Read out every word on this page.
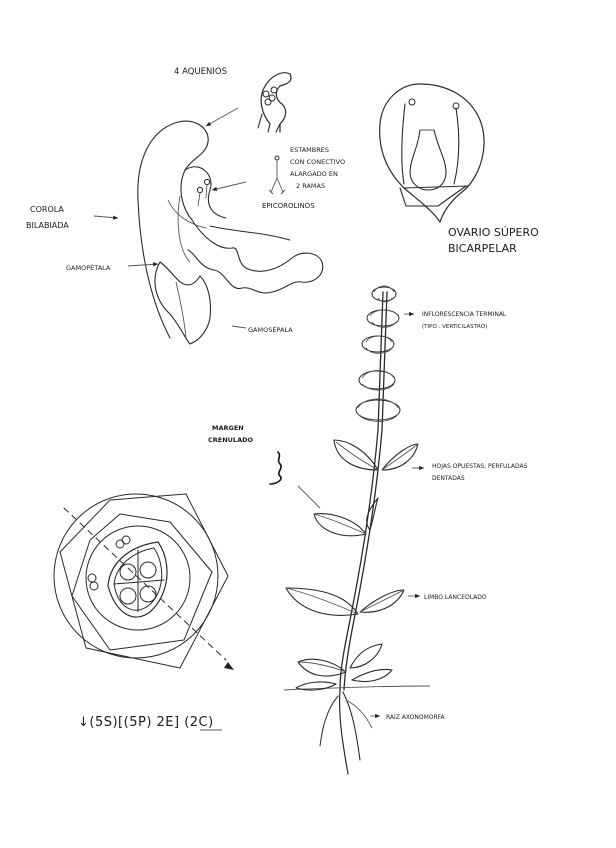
4 AQUENIOS
ESTAMBRES
CON CONECTIVO
ALARGADO EN
2 RAMAS
EPICOROLINOS
COROLA
BILABIADA
GAMOPÉTALA
GAMOSÉPALA
OVARIO SÚPERO
BICARPELAR
INFLORESCENCIA TERMINAL
(TIPO : VERTICILASTRO)
MARGEN
CRENULADO
HOJAS OPUESTAS, PERFULADAS
DENTADAS
LIMBO LANCEOLADO
RAÍZ AXONOMORFA
↓(5S)[(5P) 2E] (2C)
